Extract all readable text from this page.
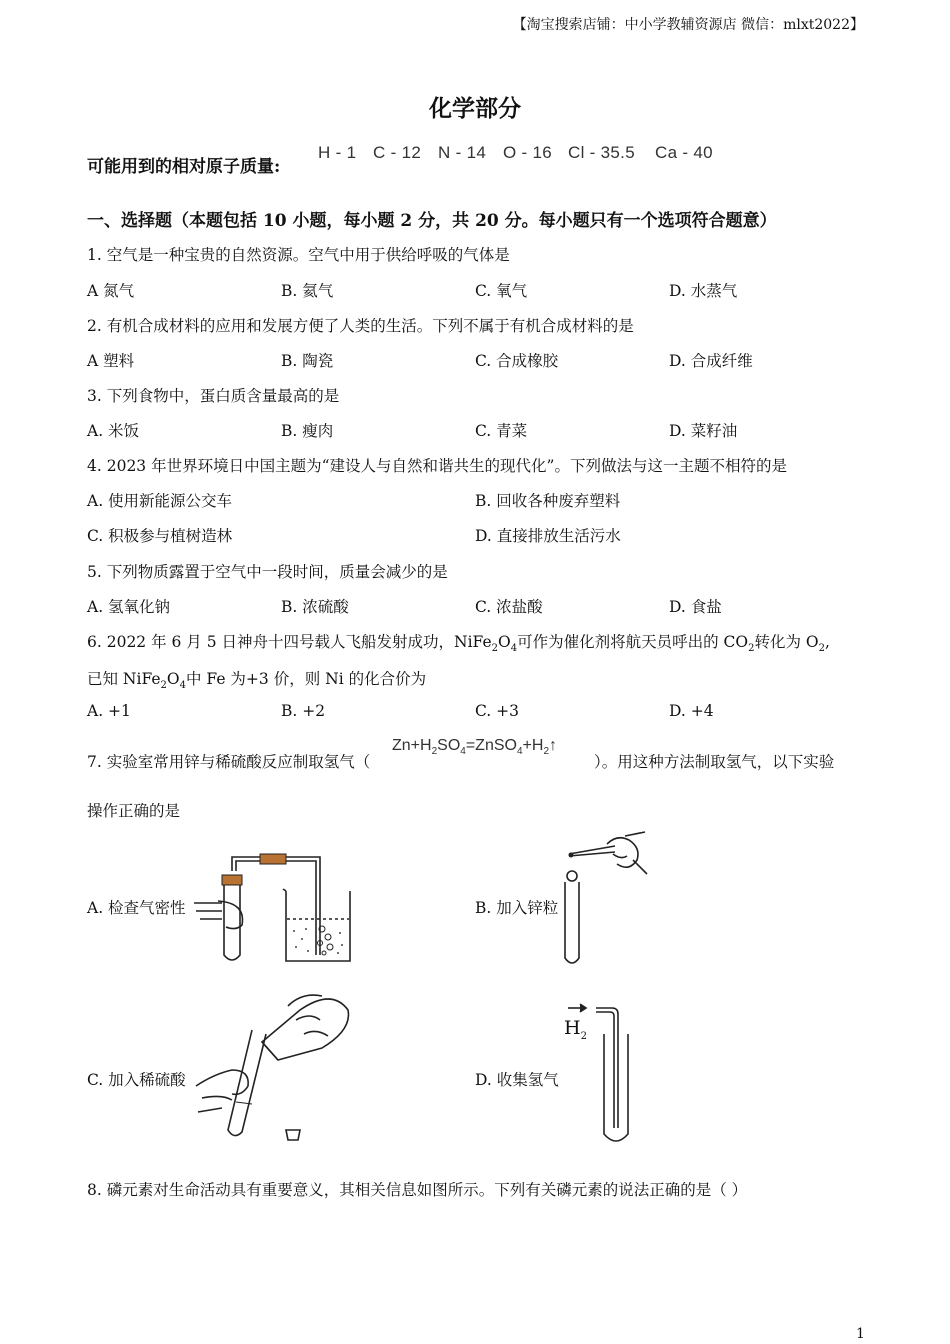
【淘宝搜索店铺：中小学教辅资源店 微信：mlxt2022】
化学部分
可能用到的相对原子质量:
H - 1 C - 12 N - 14 O - 16 Cl - 35.5 Ca - 40
一、选择题（本题包括 10 小题，每小题 2 分，共 20 分。每小题只有一个选项符合题意）
1. 空气是一种宝贵的自然资源。空气中用于供给呼吸的气体是
A 氮气	B. 氦气	C. 氧气	D. 水蒸气
2. 有机合成材料的应用和发展方便了人类的生活。下列不属于有机合成材料的是
A 塑料	B. 陶瓷	C. 合成橡胶	D. 合成纤维
3. 下列食物中，蛋白质含量最高的是
A. 米饭	B. 瘦肉	C. 青菜	D. 菜籽油
4. 2023 年世界环境日中国主题为“建设人与自然和谐共生的现代化”。下列做法与这一主题不相符的是
A. 使用新能源公交车	B. 回收各种废弃塑料
C. 积极参与植树造林	D. 直接排放生活污水
5. 下列物质露置于空气中一段时间，质量会减少的是
A. 氢氧化钠	B. 浓硫酸	C. 浓盐酸	D. 食盐
6. 2022 年 6 月 5 日神舟十四号载人飞船发射成功，$NiFe_2O_4$可作为催化剂将航天员呼出的 $CO_2$转化为 $O_2$,
已知 $NiFe_2O_4$中 Fe 为+3 价，则 Ni 的化合价为
A. +1	B. +2	C. +3	D. +4
7. 实验室常用锌与稀硫酸反应制取氢气（
$Zn+H_2SO_4=ZnSO_4+H_2↑$
）。用这种方法制取氢气，以下实验
操作正确的是
A. 检查气密性	B. 加入锌粒
C. 加入稀硫酸	D. 收集氢气
$H_2$
8. 磷元素对生命活动具有重要意义，其相关信息如图所示。下列有关磷元素的说法正确的是（ ）
1
